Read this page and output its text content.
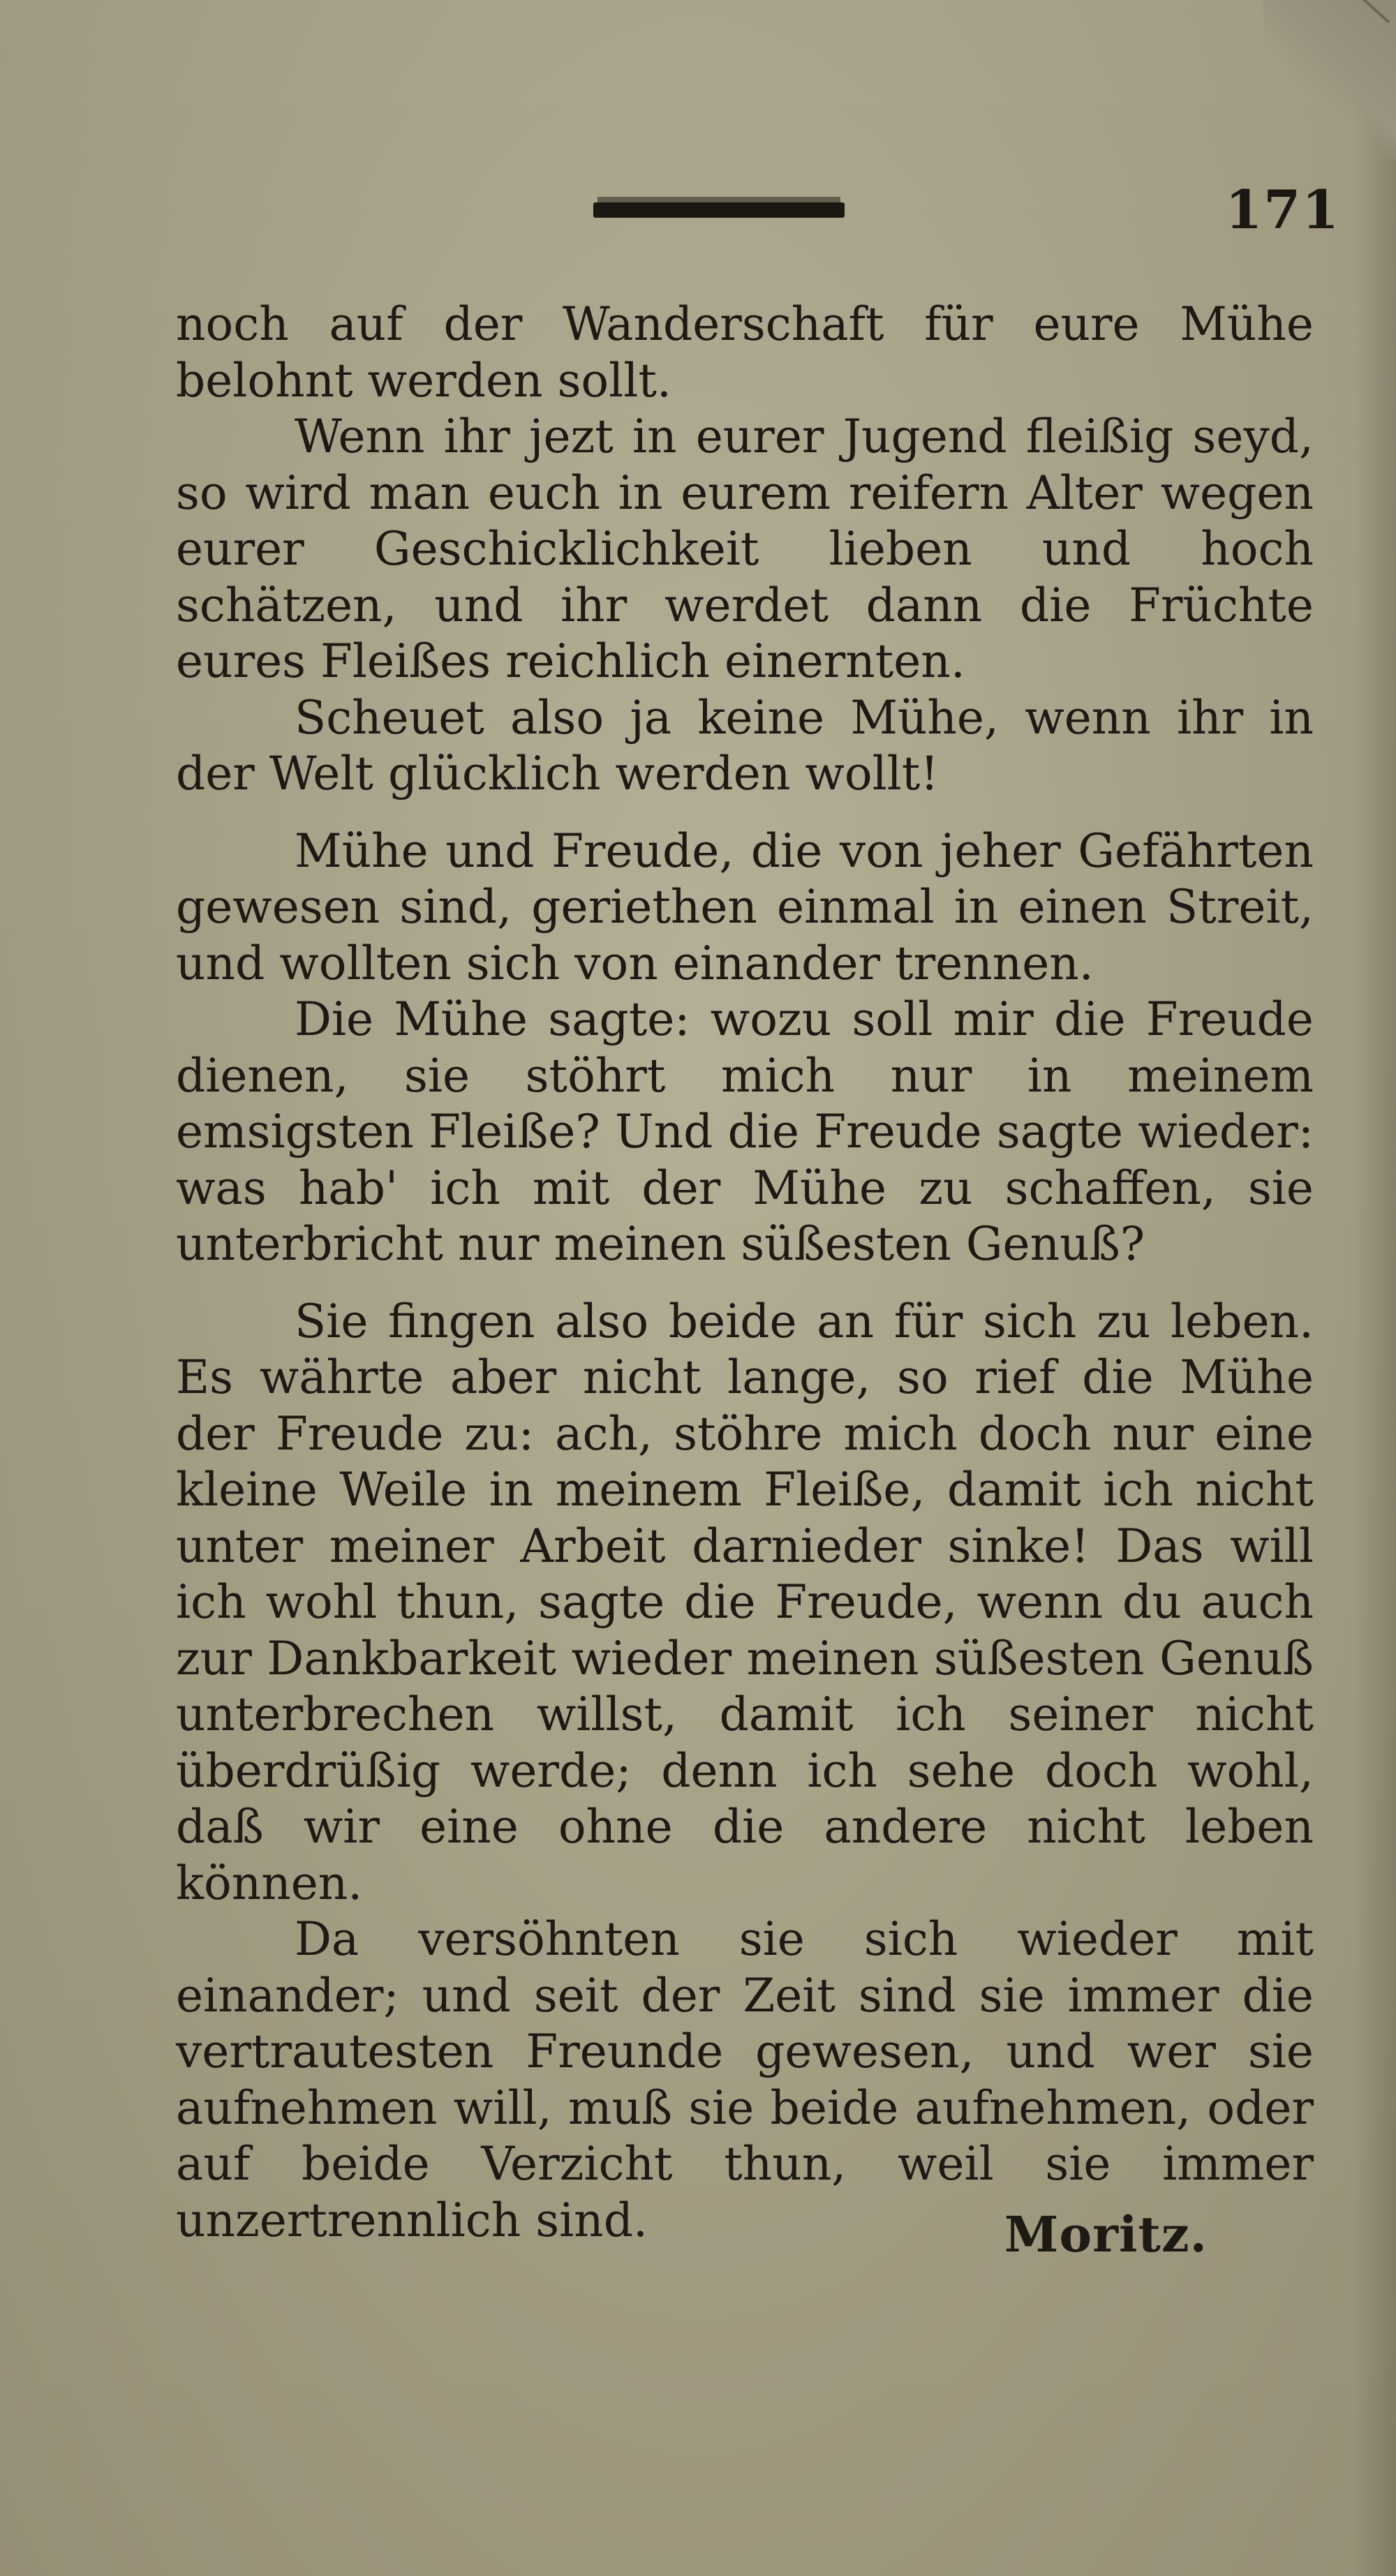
171

noch auf der Wanderschaft für eure Mühe belohnt werden sollt.

Wenn ihr jezt in eurer Jugend fleißig seyd, so wird man euch in eurem reifern Alter wegen eurer Geschicklichkeit lieben und hoch schätzen, und ihr werdet dann die Früchte eures Fleißes reichlich einernten.

Scheuet also ja keine Mühe, wenn ihr in der Welt glücklich werden wollt!

Mühe und Freude, die von jeher Gefährten gewesen sind, geriethen einmal in einen Streit, und wollten sich von einander trennen.

Die Mühe sagte: wozu soll mir die Freude dienen, sie stöhrt mich nur in meinem emsigsten Fleiße? Und die Freude sagte wieder: was hab' ich mit der Mühe zu schaffen, sie unterbricht nur meinen süßesten Genuß?

Sie fingen also beide an für sich zu leben. Es währte aber nicht lange, so rief die Mühe der Freude zu: ach, stöhre mich doch nur eine kleine Weile in meinem Fleiße, damit ich nicht unter meiner Arbeit darnieder sinke! Das will ich wohl thun, sagte die Freude, wenn du auch zur Dankbarkeit wieder meinen süßesten Genuß unterbrechen willst, damit ich seiner nicht überdrüßig werde; denn ich sehe doch wohl, daß wir eine ohne die andere nicht leben können.

Da versöhnten sie sich wieder mit einander; und seit der Zeit sind sie immer die vertrautesten Freunde gewesen, und wer sie aufnehmen will, muß sie beide aufnehmen, oder auf beide Verzicht thun, weil sie immer unzertrennlich sind.	Moritz.
